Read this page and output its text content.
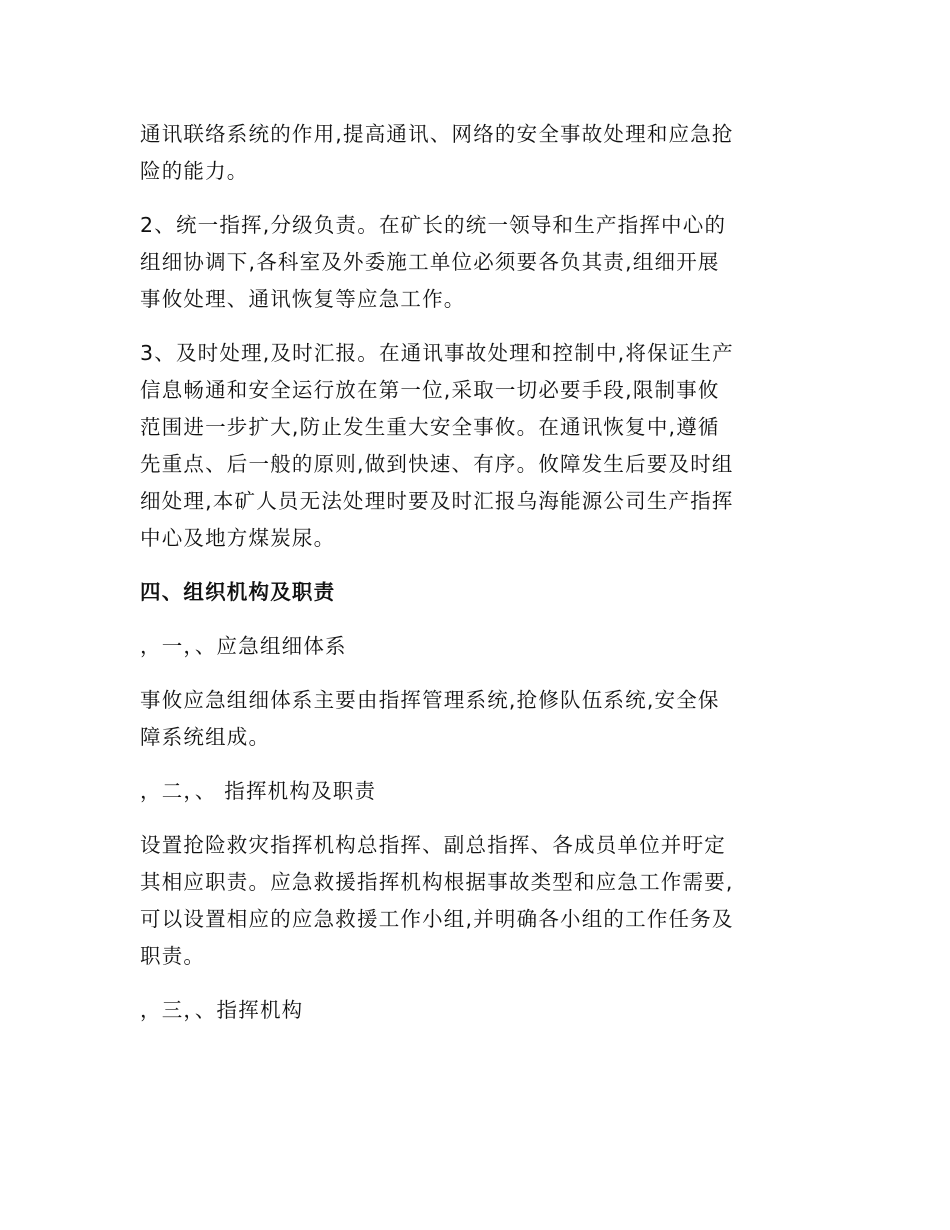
通讯联络系统的作用,提高通讯、网络的安全事故处理和应急抢
险的能力。

2、统一指挥,分级负责。在矿长的统一领导和生产指挥中心的
组细协调下,各科室及外委施工单位必须要各负其责,组细开展
事攸处理、通讯恢复等应急工作。

3、及时处理,及时汇报。在通讯事故处理和控制中,将保证生产
信息畅通和安全运行放在第一位,采取一切必要手段,限制事攸
范围进一步扩大,防止发生重大安全事攸。在通讯恢复中,遵循
先重点、后一般的原则,做到快速、有序。攸障发生后要及时组
细处理,本矿人员无法处理时要及时汇报乌海能源公司生产指挥
中心及地方煤炭尿。

四、组织机构及职责

，一，、应急组细体系

事攸应急组细体系主要由指挥管理系统,抢修队伍系统,安全保
障系统组成。

，二，、 指挥机构及职责

设置抢险救灾指挥机构总指挥、副总指挥、各成员单位并旴定
其相应职责。应急救援指挥机构根据事故类型和应急工作需要,
可以设置相应的应急救援工作小组,并明确各小组的工作任务及
职责。

，三，、指挥机构
